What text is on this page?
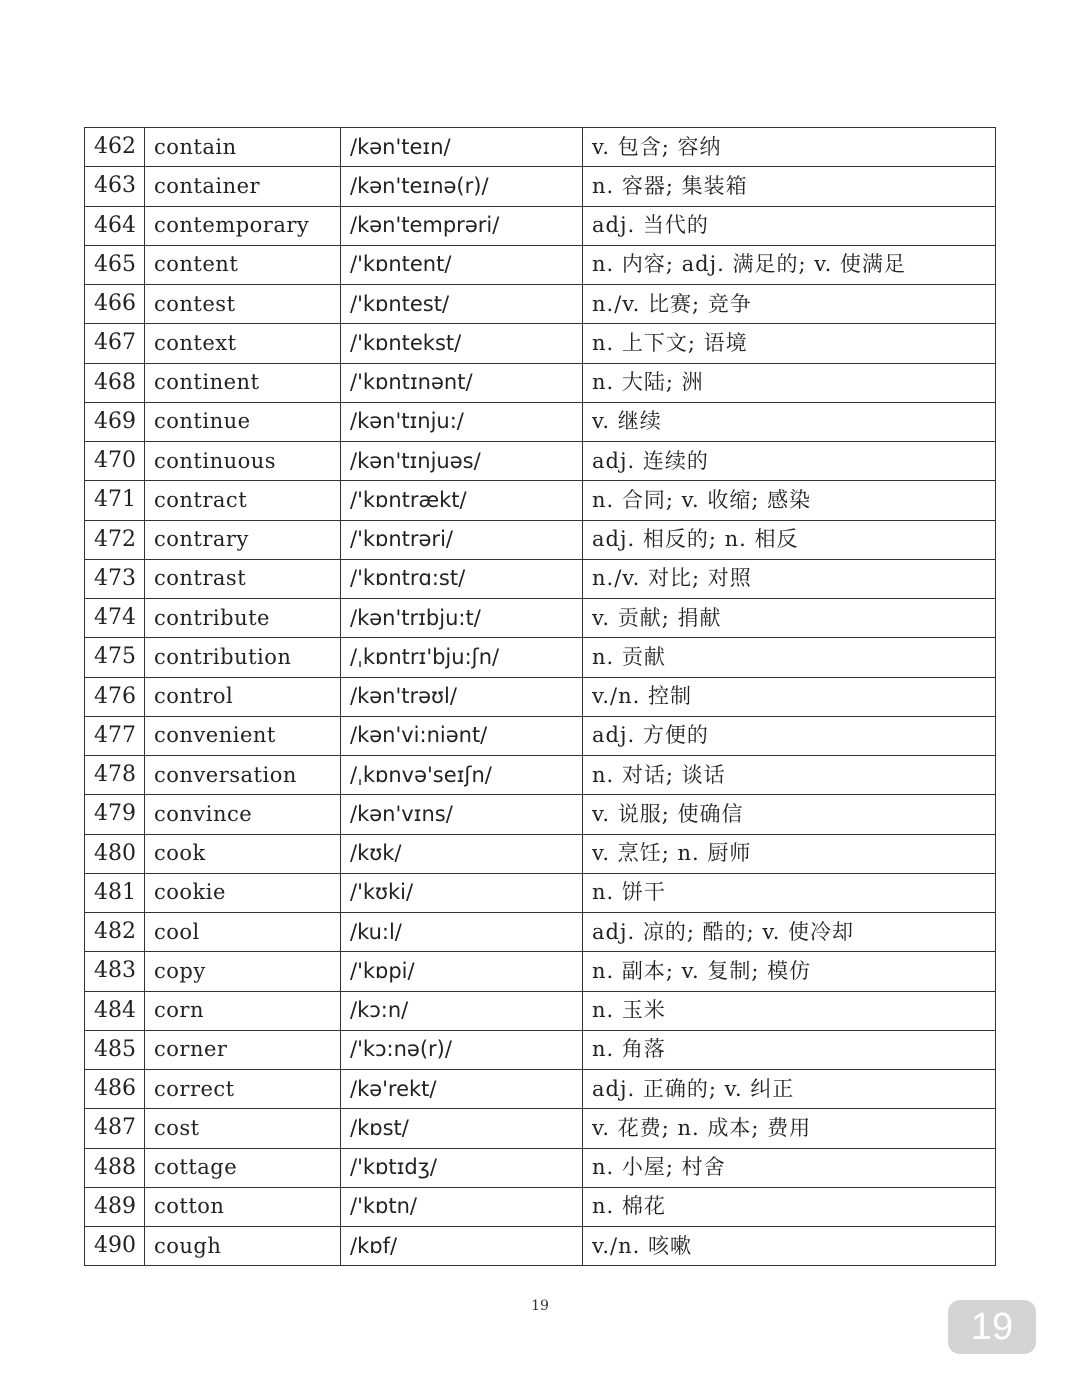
462	contain	/kən'teɪn/	v. 包含; 容纳
463	container	/kən'teɪnə(r)/	n. 容器; 集装箱
464	contemporary	/kən'temprəri/	adj. 当代的
465	content	/'kɒntent/	n. 内容; adj. 满足的; v. 使满足
466	contest	/'kɒntest/	n./v. 比赛; 竞争
467	context	/'kɒntekst/	n. 上下文; 语境
468	continent	/'kɒntɪnənt/	n. 大陆; 洲
469	continue	/kən'tɪnju:/	v. 继续
470	continuous	/kən'tɪnjuəs/	adj. 连续的
471	contract	/'kɒntrækt/	n. 合同; v. 收缩; 感染
472	contrary	/'kɒntrəri/	adj. 相反的; n. 相反
473	contrast	/'kɒntrɑ:st/	n./v. 对比; 对照
474	contribute	/kən'trɪbju:t/	v. 贡献; 捐献
475	contribution	/ˌkɒntrɪ'bju:ʃn/	n. 贡献
476	control	/kən'trəʊl/	v./n. 控制
477	convenient	/kən'vi:niənt/	adj. 方便的
478	conversation	/ˌkɒnvə'seɪʃn/	n. 对话; 谈话
479	convince	/kən'vɪns/	v. 说服; 使确信
480	cook	/kʊk/	v. 烹饪; n. 厨师
481	cookie	/'kʊki/	n. 饼干
482	cool	/ku:l/	adj. 凉的; 酷的; v. 使冷却
483	copy	/'kɒpi/	n. 副本; v. 复制; 模仿
484	corn	/kɔ:n/	n. 玉米
485	corner	/'kɔ:nə(r)/	n. 角落
486	correct	/kə'rekt/	adj. 正确的; v. 纠正
487	cost	/kɒst/	v. 花费; n. 成本; 费用
488	cottage	/'kɒtɪdʒ/	n. 小屋; 村舍
489	cotton	/'kɒtn/	n. 棉花
490	cough	/kɒf/	v./n. 咳嗽
19	19
